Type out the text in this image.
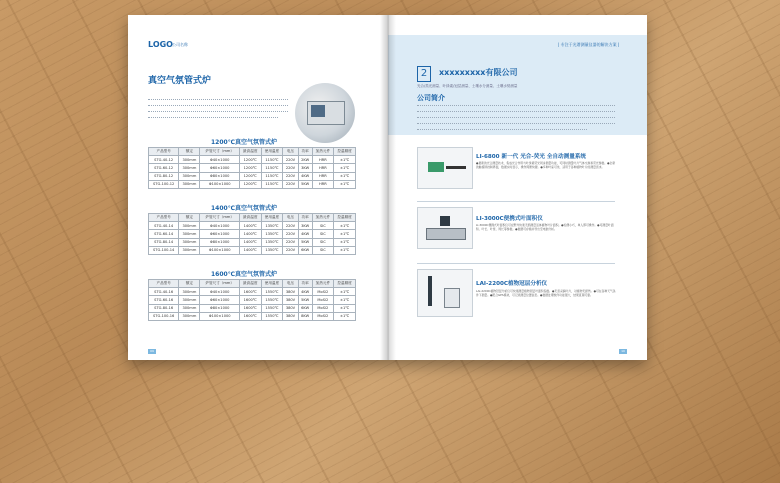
LOGO 公司名称
真空气氛管式炉
1200℃真空气氛管式炉
产品型号	额定	炉管尺寸（mm）	最高温度	使用温度	电压	功率	加热元件	控温精度
STG-40-12	300mm	Φ40×1000	1200℃	1150℃	220V	2KW	HRR	±1℃
STG-60-12	300mm	Φ60×1000	1200℃	1150℃	220V	3KW	HRR	±1℃
STG-80-12	300mm	Φ80×1000	1200℃	1150℃	220V	4KW	HRR	±1℃
STG-100-12	300mm	Φ100×1000	1200℃	1150℃	220V	5KW	HRR	±1℃
1400℃真空气氛管式炉
产品型号	额定	炉管尺寸（mm）	最高温度	使用温度	电压	功率	加热元件	控温精度
STG-40-14	300mm	Φ40×1000	1400℃	1350℃	220V	3KW	SIC	±1℃
STG-60-14	300mm	Φ60×1000	1400℃	1350℃	220V	4KW	SIC	±1℃
STG-80-14	300mm	Φ80×1000	1400℃	1350℃	220V	5KW	SIC	±1℃
STG-100-14	300mm	Φ100×1000	1400℃	1350℃	220V	6KW	SIC	±1℃
1600℃真空气氛管式炉
产品型号	额定	炉管尺寸（mm）	最高温度	使用温度	电压	功率	加热元件	控温精度
STG-40-16	300mm	Φ40×1000	1600℃	1550℃	380V	4KW	MoSi2	±1℃
STG-60-16	300mm	Φ60×1000	1600℃	1550℃	380V	5KW	MoSi2	±1℃
STG-80-16	300mm	Φ80×1000	1600℃	1550℃	380V	6KW	MoSi2	±1℃
STG-100-16	300mm	Φ100×1000	1600℃	1550℃	380V	8KW	MoSi2	±1℃
09
| 专注于光谱测量仪器的解决方案 |
2	xxxxxxxxx有限公司
光合/蒸光测量、叶绿素/冠层测量、土壤水分测量、土壤水势测量
公司简介
LI-6800 新一代 光合-荧光 全自动测量系统
●最新的光合测量技术，集成光合作用与叶绿素荧光同步测量功能，可同时测量叶片气体交换和荧光参数。●全新的触摸屏控制界面，数据实时显示，操作简便快捷。●多种叶室可选，适用于各种植物叶片的测量需求。
LI-3000C便携式叶面积仪
LI-3000C便携式叶面积仪可在野外快速无损测量活体植物叶片面积。●轻便小巧，单人即可操作。●可测量叶面积、叶长、叶宽、周长等参数。●数据可存储并导出至电脑分析。
LAI-2200C植物冠层分析仪
LAI-2200C植物冠层分析仪可快速测量植物冠层叶面积指数。●无需采摘叶片，对植物无损伤。●可在各种天气条件下测量。●配合GPS模块，可记录测量位置信息。●数据处理软件功能强大，结果直观可靠。
10
